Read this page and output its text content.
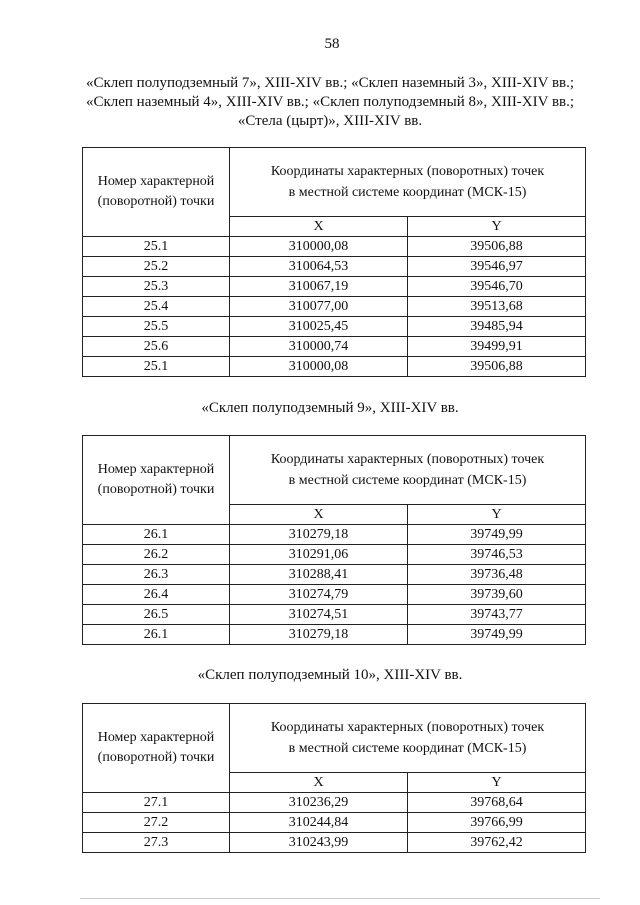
58

«Склеп полуподземный 7», XIII-XIV вв.; «Склеп наземный 3», XIII-XIV вв.;

«Склеп наземный 4», XIII-XIV вв.; «Склеп полуподземный 8», XIII-XIV вв.;

«Стела (цырт)», XIII-XIV вв.

Номер характерной
(поворотной) точки	Координаты характерных (поворотных) точек
в местной системе координат (МСК-15)	
	X	Y
25.1	310000,08	39506,88
25.2	310064,53	39546,97
25.3	310067,19	39546,70
25.4	310077,00	39513,68
25.5	310025,45	39485,94
25.6	310000,74	39499,91
25.1	310000,08	39506,88

«Склеп полуподземный 9», XIII-XIV вв.

Номер характерной
(поворотной) точки	Координаты характерных (поворотных) точек
в местной системе координат (МСК-15)	
	X	Y
26.1	310279,18	39749,99
26.2	310291,06	39746,53
26.3	310288,41	39736,48
26.4	310274,79	39739,60
26.5	310274,51	39743,77
26.1	310279,18	39749,99

«Склеп полуподземный 10», XIII-XIV вв.

Номер характерной
(поворотной) точки	Координаты характерных (поворотных) точек
в местной системе координат (МСК-15)	
	X	Y
27.1	310236,29	39768,64
27.2	310244,84	39766,99
27.3	310243,99	39762,42
